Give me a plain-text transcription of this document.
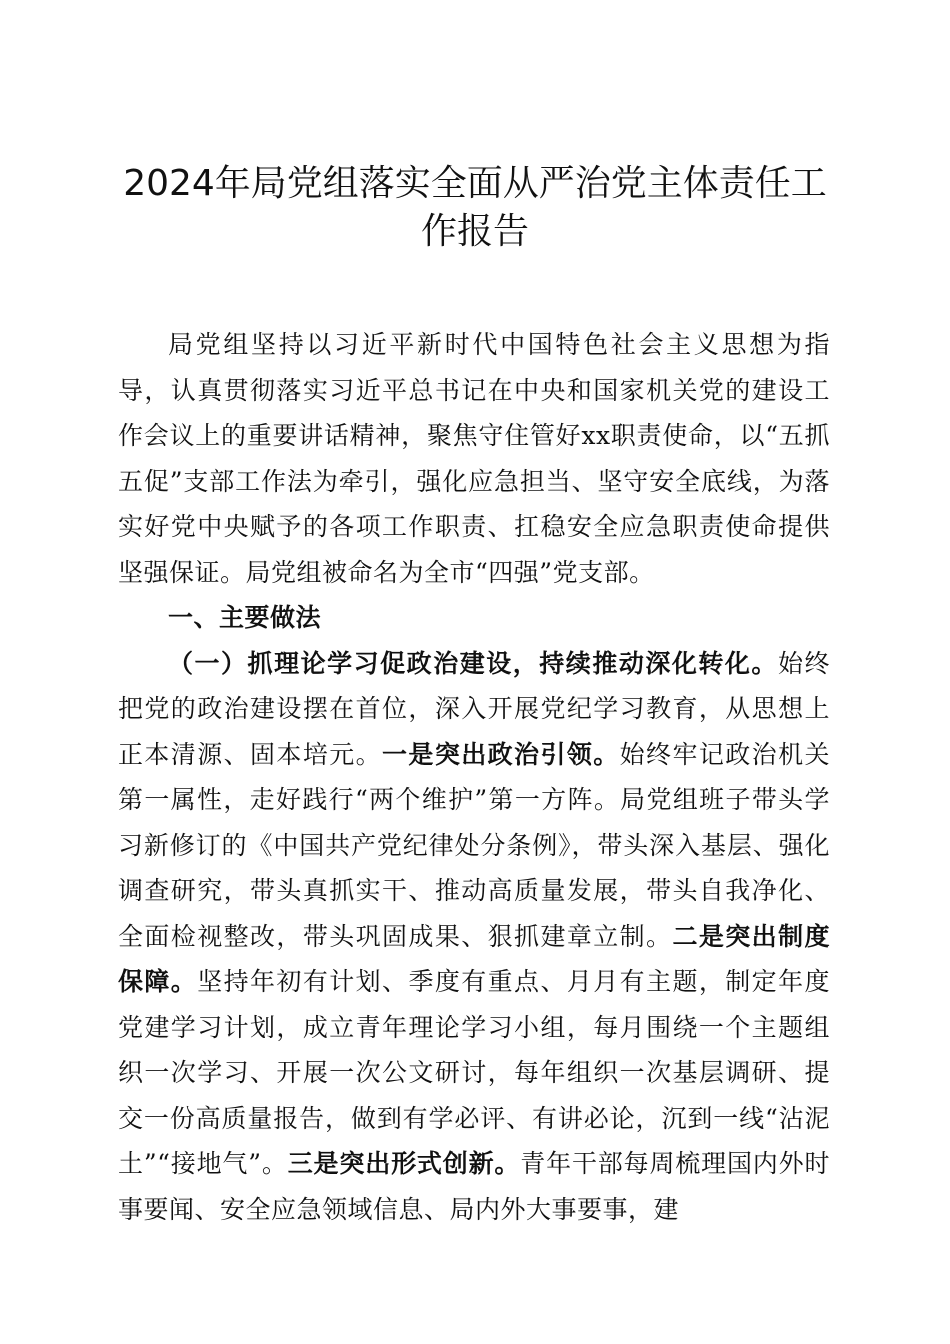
2024年局党组落实全面从严治党主体责任工作报告

局党组坚持以习近平新时代中国特色社会主义思想为指导，认真贯彻落实习近平总书记在中央和国家机关党的建设工作会议上的重要讲话精神，聚焦守住管好xx职责使命，以“五抓五促”支部工作法为牵引，强化应急担当、坚守安全底线，为落实好党中央赋予的各项工作职责、扛稳安全应急职责使命提供坚强保证。局党组被命名为全市“四强”党支部。

一、主要做法

（一）抓理论学习促政治建设，持续推动深化转化。始终把党的政治建设摆在首位，深入开展党纪学习教育，从思想上正本清源、固本培元。一是突出政治引领。始终牢记政治机关第一属性，走好践行“两个维护”第一方阵。局党组班子带头学习新修订的《中国共产党纪律处分条例》，带头深入基层、强化调查研究，带头真抓实干、推动高质量发展，带头自我净化、全面检视整改，带头巩固成果、狠抓建章立制。二是突出制度保障。坚持年初有计划、季度有重点、月月有主题，制定年度党建学习计划，成立青年理论学习小组，每月围绕一个主题组织一次学习、开展一次公文研讨，每年组织一次基层调研、提交一份高质量报告，做到有学必评、有讲必论，沉到一线“沾泥土”“接地气”。三是突出形式创新。青年干部每周梳理国内外时事要闻、安全应急领域信息、局内外大事要事，建
